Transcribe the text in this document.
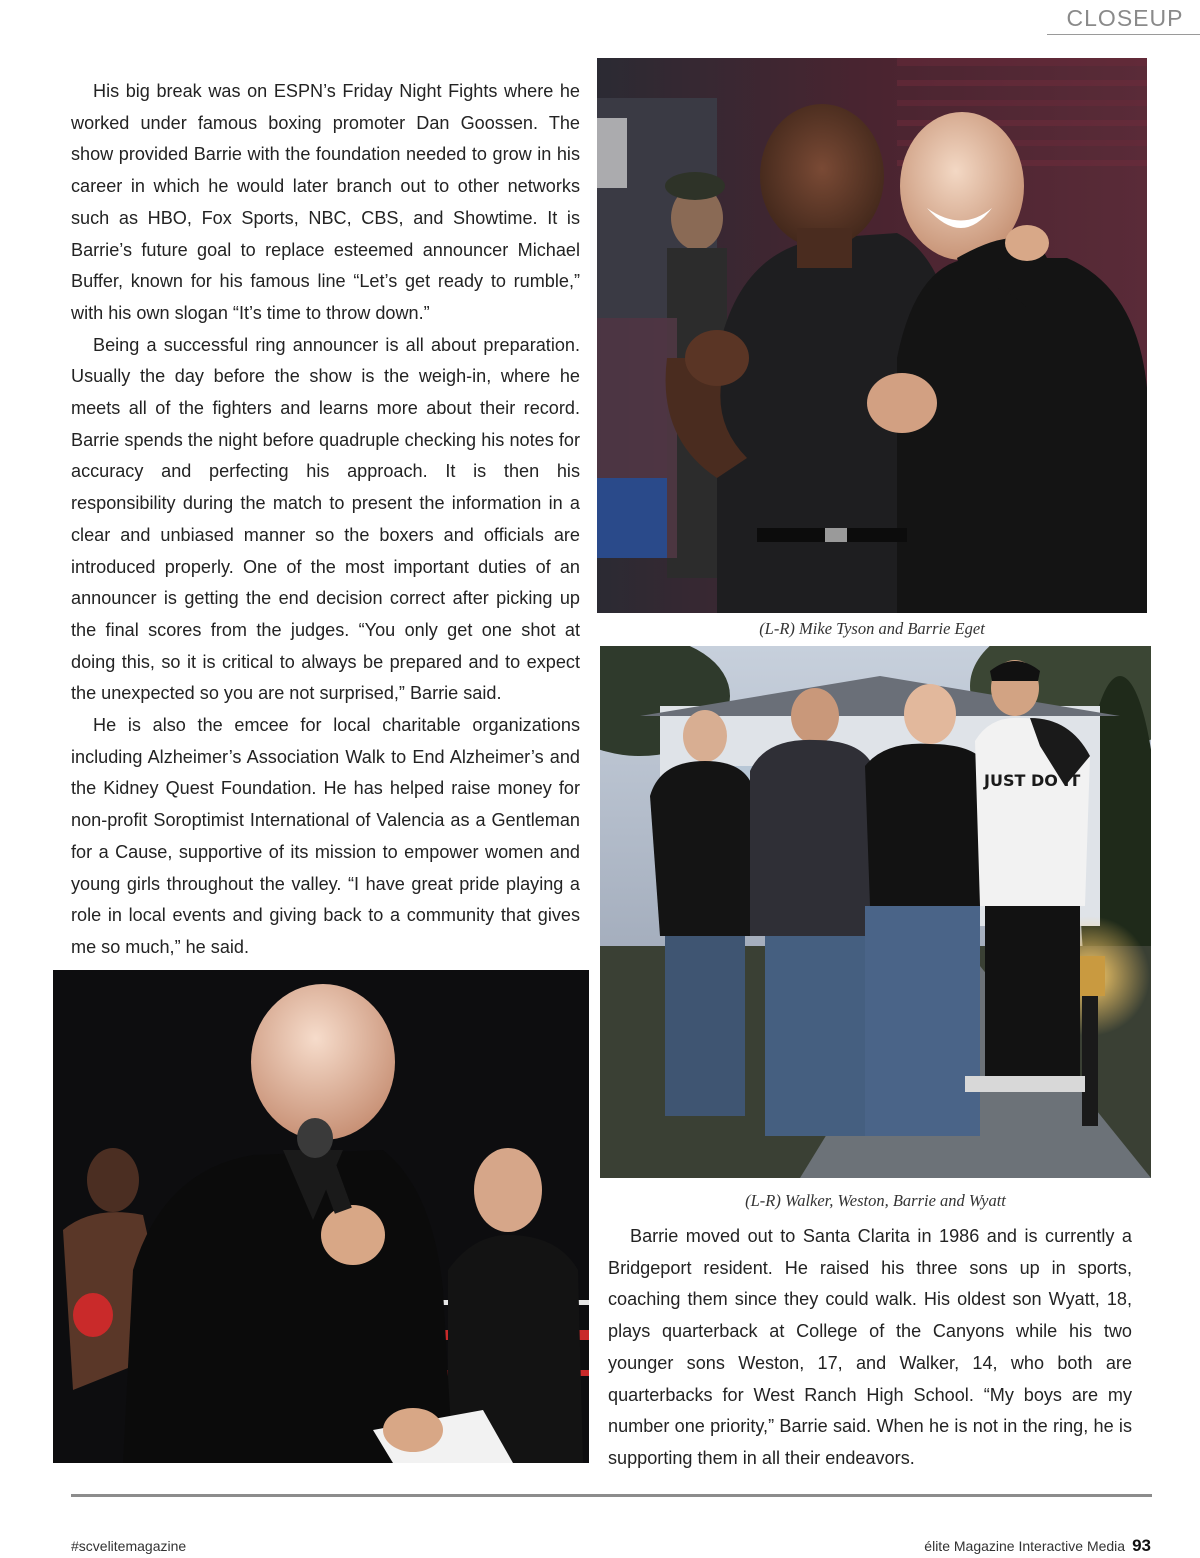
CLOSEUP

His big break was on ESPN’s Friday Night Fights where he worked under famous boxing promoter Dan Goossen. The show provided Barrie with the foundation needed to grow in his career in which he would later branch out to other networks such as HBO, Fox Sports, NBC, CBS, and Showtime. It is Barrie’s future goal to replace esteemed announcer Michael Buffer, known for his famous line “Let’s get ready to rumble,” with his own slogan “It’s time to throw down.”

Being a successful ring announcer is all about preparation. Usually the day before the show is the weigh-in, where he meets all of the fighters and learns more about their record. Barrie spends the night before quadruple checking his notes for accuracy and perfecting his approach. It is then his responsibility during the match to present the information in a clear and unbiased manner so the boxers and officials are introduced properly. One of the most important duties of an announcer is getting the end decision correct after picking up the final scores from the judges. “You only get one shot at doing this, so it is critical to always be prepared and to expect the unexpected so you are not surprised,” Barrie said.

He is also the emcee for local charitable organizations including Alzheimer’s Association Walk to End Alzheimer’s and the Kidney Quest Foundation. He has helped raise money for non-profit Soroptimist International of Valencia as a Gentleman for a Cause, supportive of its mission to empower women and young girls throughout the valley. “I have great pride playing a role in local events and giving back to a community that gives me so much,” he said.

(L-R) Mike Tyson and Barrie Eget
JUST DO IT
(L-R) Walker, Weston, Barrie and Wyatt

Barrie moved out to Santa Clarita in 1986 and is currently a Bridgeport resident. He raised his three sons up in sports, coaching them since they could walk. His oldest son Wyatt, 18, plays quarterback at College of the Canyons while his two younger sons Weston, 17, and Walker, 14, who both are quarterbacks for West Ranch High School. “My boys are my number one priority,” Barrie said. When he is not in the ring, he is supporting them in all their endeavors.

#scvelitemagazine	élite Magazine Interactive Media 93
